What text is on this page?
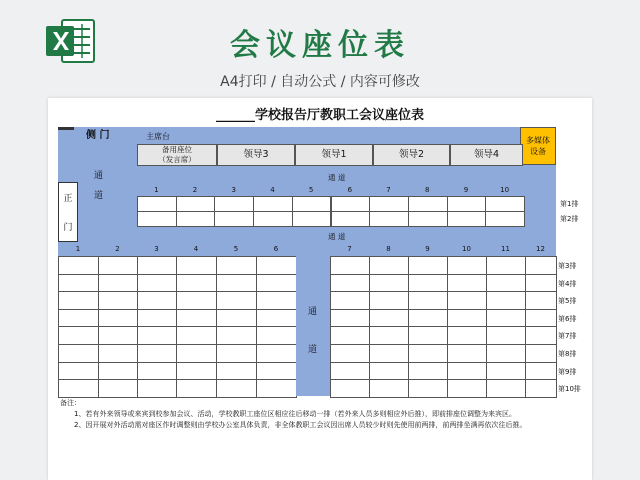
会议座位表
A4打印 / 自动公式 / 内容可修改
______学校报告厅教职工会议座位表
侧 门	主席台	多媒体
设备
备用座位
（发言席）	领导3	领导1	领导2	领导4
通
道
正
门
通 道
通 道
1	2	3	4	5	6	7	8	9	10
第1排
第2排
1	2	3	4	5	6	7	8	9	10	11	12
第3排
第4排
第5排
第6排
第7排
第8排
第9排
第10排
通
道
备注：
1、若有外来领导或来宾到校参加会议、活动，学校教职工座位区相应往后移动一排（若外来人员多则相应外后推），即前排座位调整为来宾区。
2、因开展对外活动需对座区作时调整则由学校办公室具体负责，非全体教职工会议因出席人员较少时则先使用前两排，前两排坐满再依次往后推。
